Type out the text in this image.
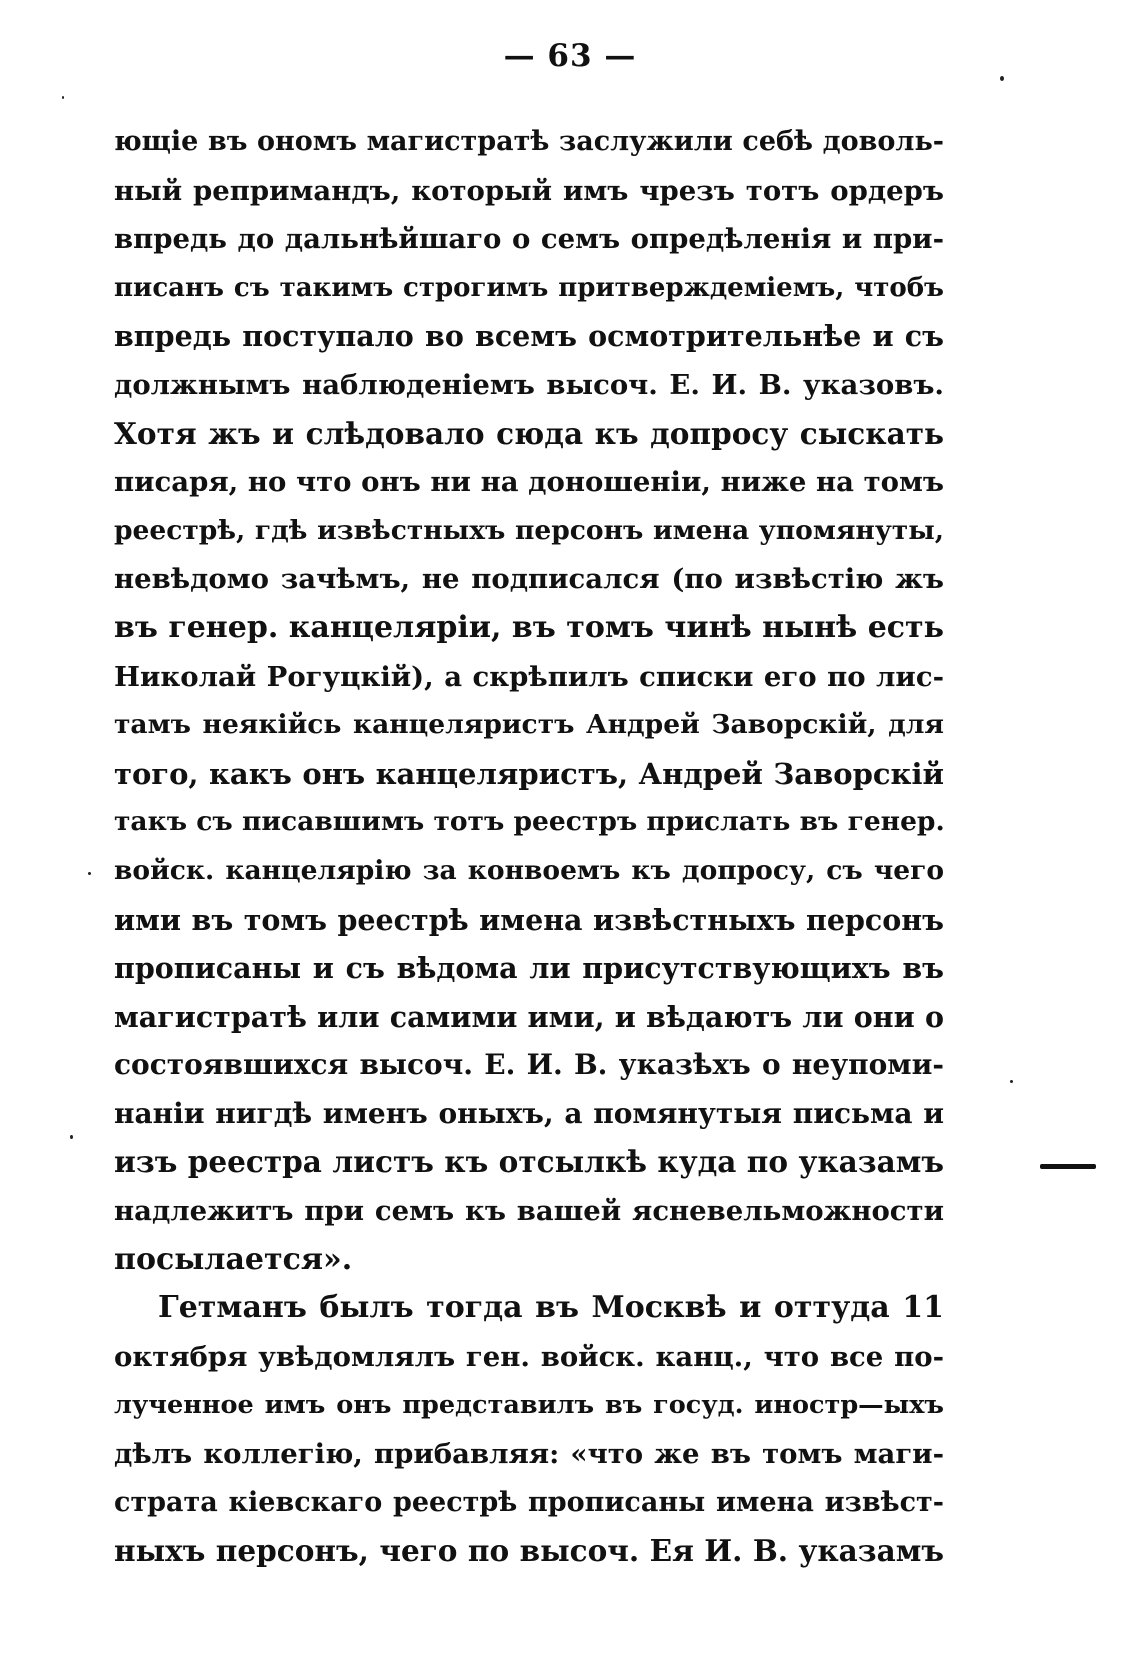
— 63 —
ющіе въ ономъ магистратѣ заслужили себѣ доволь-
ный репримандъ, который имъ чрезъ тотъ ордеръ
впредь до дальнѣйшаго о семъ опредѣленія и при-
писанъ съ такимъ строгимъ притверждеміемъ, чтобъ
впредь поступало во всемъ осмотрительнѣе и съ
должнымъ наблюденіемъ высоч. Е. И. В. указовъ.
Хотя жъ и слѣдовало сюда къ допросу сыскать
писаря, но что онъ ни на доношеніи, ниже на томъ
реестрѣ, гдѣ извѣстныхъ персонъ имена упомянуты,
невѣдомо зачѣмъ, не подписался (по извѣстію жъ
въ генер. канцеляріи, въ томъ чинѣ нынѣ есть
Николай Рогуцкій), а скрѣпилъ списки его по лис-
тамъ неякійсь канцеляристъ Андрей Заворскій, для
того, какъ онъ канцеляристъ, Андрей Заворскій
такъ съ писавшимъ тотъ реестръ прислать въ генер.
войск. канцелярію за конвоемъ къ допросу, съ чего
ими въ томъ реестрѣ имена извѣстныхъ персонъ
прописаны и съ вѣдома ли присутствующихъ въ
магистратѣ или самими ими, и вѣдаютъ ли они о
состоявшихся высоч. Е. И. В. указѣхъ о неупоми-
наніи нигдѣ именъ оныхъ, а помянутыя письма и
изъ реестра листъ къ отсылкѣ куда по указамъ
надлежитъ при семъ къ вашей ясневельможности
посылается».
Гетманъ былъ тогда въ Москвѣ и оттуда 11
октября увѣдомлялъ ген. войск. канц., что все по-
лученное имъ онъ представилъ въ госуд. иностр—ыхъ
дѣлъ коллегію, прибавляя: «что же въ томъ маги-
страта кіевскаго реестрѣ прописаны имена извѣст-
ныхъ персонъ, чего по высоч. Ея И. В. указамъ
